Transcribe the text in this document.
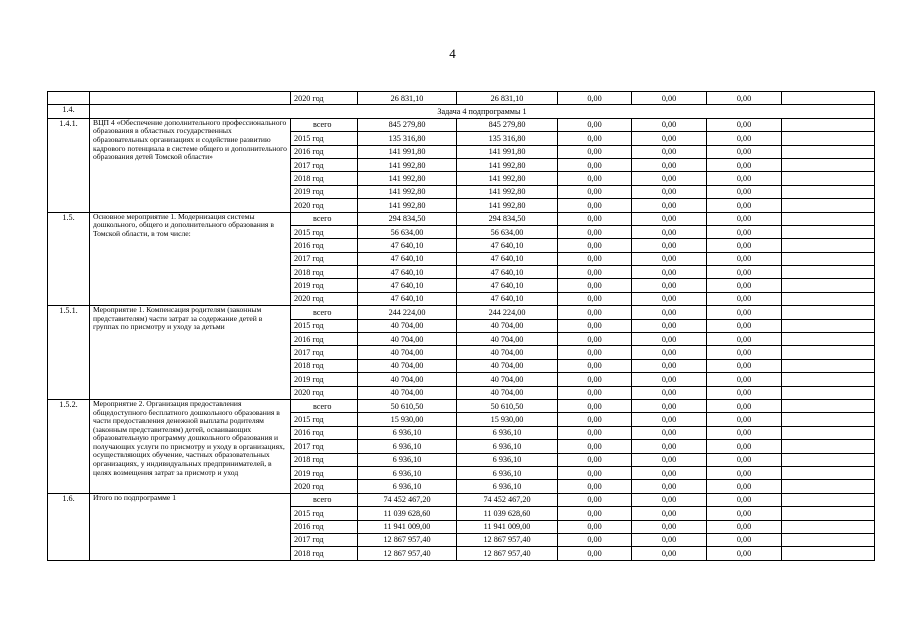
4
		2020 год	26 831,10	26 831,10	0,00	0,00	0,00	
1.4.	Задача 4 подпрограммы 1							
1.4.1.	ВЦП 4 «Обеспечение дополнительного профессионального образования в областных государственных образовательных организациях и содействие развитию кадрового потенциала в системе общего и дополнительного образования детей Томской области»	всего	845 279,80	845 279,80	0,00	0,00	0,00	
		2015 год	135 316,80	135 316,80	0,00	0,00	0,00	
		2016 год	141 991,80	141 991,80	0,00	0,00	0,00	
		2017 год	141 992,80	141 992,80	0,00	0,00	0,00	
		2018 год	141 992,80	141 992,80	0,00	0,00	0,00	
		2019 год	141 992,80	141 992,80	0,00	0,00	0,00	
		2020 год	141 992,80	141 992,80	0,00	0,00	0,00	
1.5.	Основное мероприятие 1. Модернизация системы дошкольного, общего и дополнительного образования в Томской области, в том числе:	всего	294 834,50	294 834,50	0,00	0,00	0,00	
		2015 год	56 634,00	56 634,00	0,00	0,00	0,00	
		2016 год	47 640,10	47 640,10	0,00	0,00	0,00	
		2017 год	47 640,10	47 640,10	0,00	0,00	0,00	
		2018 год	47 640,10	47 640,10	0,00	0,00	0,00	
		2019 год	47 640,10	47 640,10	0,00	0,00	0,00	
		2020 год	47 640,10	47 640,10	0,00	0,00	0,00	
1.5.1.	Мероприятие 1. Компенсация родителям (законным представителям) части затрат за содержание детей в группах по присмотру и уходу за детьми	всего	244 224,00	244 224,00	0,00	0,00	0,00	
		2015 год	40 704,00	40 704,00	0,00	0,00	0,00	
		2016 год	40 704,00	40 704,00	0,00	0,00	0,00	
		2017 год	40 704,00	40 704,00	0,00	0,00	0,00	
		2018 год	40 704,00	40 704,00	0,00	0,00	0,00	
		2019 год	40 704,00	40 704,00	0,00	0,00	0,00	
		2020 год	40 704,00	40 704,00	0,00	0,00	0,00	
1.5.2.	Мероприятие 2. Организация предоставления общедоступного бесплатного дошкольного образования в части предоставления денежной выплаты родителям (законным представителям) детей, осваивающих образовательную программу дошкольного образования и получающих услуги по присмотру и уходу в организациях, осуществляющих обучение, частных образовательных организациях, у индивидуальных предпринимателей, в целях возмещения затрат за присмотр и уход	всего	50 610,50	50 610,50	0,00	0,00	0,00	
		2015 год	15 930,00	15 930,00	0,00	0,00	0,00	
		2016 год	6 936,10	6 936,10	0,00	0,00	0,00	
		2017 год	6 936,10	6 936,10	0,00	0,00	0,00	
		2018 год	6 936,10	6 936,10	0,00	0,00	0,00	
		2019 год	6 936,10	6 936,10	0,00	0,00	0,00	
		2020 год	6 936,10	6 936,10	0,00	0,00	0,00	
1.6.	Итого по подпрограмме 1	всего	74 452 467,20	74 452 467,20	0,00	0,00	0,00	
		2015 год	11 039 628,60	11 039 628,60	0,00	0,00	0,00	
		2016 год	11 941 009,00	11 941 009,00	0,00	0,00	0,00	
		2017 год	12 867 957,40	12 867 957,40	0,00	0,00	0,00	
		2018 год	12 867 957,40	12 867 957,40	0,00	0,00	0,00	
